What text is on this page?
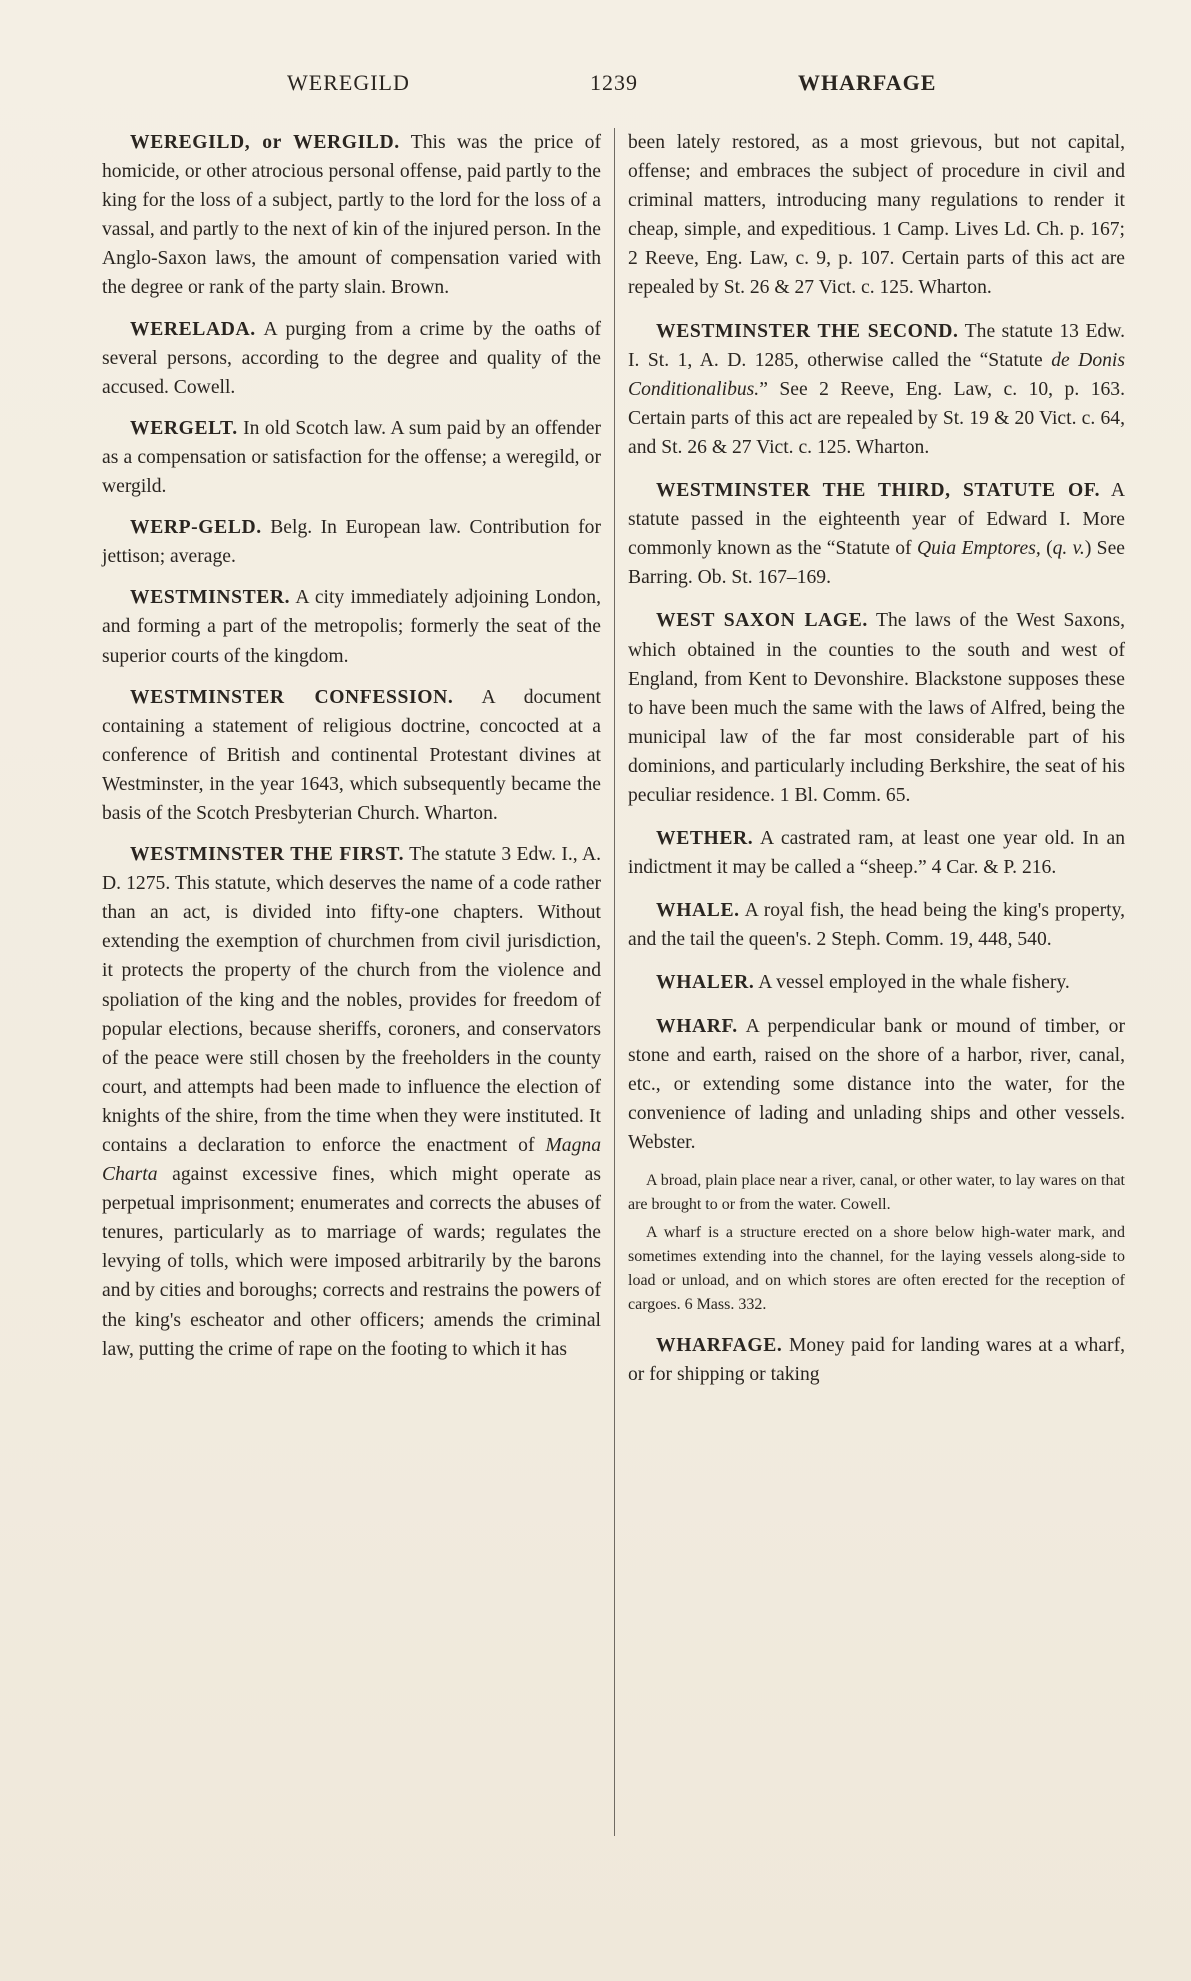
WEREGILD	1239	WHARFAGE

WEREGILD, or WERGILD. This was the price of homicide, or other atrocious personal offense, paid partly to the king for the loss of a subject, partly to the lord for the loss of a vassal, and partly to the next of kin of the injured person. In the Anglo-Saxon laws, the amount of compensation varied with the degree or rank of the party slain. Brown.

WERELADA. A purging from a crime by the oaths of several persons, according to the degree and quality of the accused. Cowell.

WERGELT. In old Scotch law. A sum paid by an offender as a compensation or satisfaction for the offense; a weregild, or wergild.

WERP-GELD. Belg. In European law. Contribution for jettison; average.

WESTMINSTER. A city immediately adjoining London, and forming a part of the metropolis; formerly the seat of the superior courts of the kingdom.

WESTMINSTER CONFESSION. A document containing a statement of religious doctrine, concocted at a conference of British and continental Protestant divines at Westminster, in the year 1643, which subsequently became the basis of the Scotch Presbyterian Church. Wharton.

WESTMINSTER THE FIRST. The statute 3 Edw. I., A. D. 1275. This statute, which deserves the name of a code rather than an act, is divided into fifty-one chapters. Without extending the exemption of churchmen from civil jurisdiction, it protects the property of the church from the violence and spoliation of the king and the nobles, provides for freedom of popular elections, because sheriffs, coroners, and conservators of the peace were still chosen by the freeholders in the county court, and attempts had been made to influence the election of knights of the shire, from the time when they were instituted. It contains a declaration to enforce the enactment of Magna Charta against excessive fines, which might operate as perpetual imprisonment; enumerates and corrects the abuses of tenures, particularly as to marriage of wards; regulates the levying of tolls, which were imposed arbitrarily by the barons and by cities and boroughs; corrects and restrains the powers of the king's escheator and other officers; amends the criminal law, putting the crime of rape on the footing to which it has

been lately restored, as a most grievous, but not capital, offense; and embraces the subject of procedure in civil and criminal matters, introducing many regulations to render it cheap, simple, and expeditious. 1 Camp. Lives Ld. Ch. p. 167; 2 Reeve, Eng. Law, c. 9, p. 107. Certain parts of this act are repealed by St. 26 & 27 Vict. c. 125. Wharton.

WESTMINSTER THE SECOND. The statute 13 Edw. I. St. 1, A. D. 1285, otherwise called the “Statute de Donis Conditionalibus.” See 2 Reeve, Eng. Law, c. 10, p. 163. Certain parts of this act are repealed by St. 19 & 20 Vict. c. 64, and St. 26 & 27 Vict. c. 125. Wharton.

WESTMINSTER THE THIRD, STATUTE OF. A statute passed in the eighteenth year of Edward I. More commonly known as the “Statute of Quia Emptores, (q. v.) See Barring. Ob. St. 167–169.

WEST SAXON LAGE. The laws of the West Saxons, which obtained in the counties to the south and west of England, from Kent to Devonshire. Blackstone supposes these to have been much the same with the laws of Alfred, being the municipal law of the far most considerable part of his dominions, and particularly including Berkshire, the seat of his peculiar residence. 1 Bl. Comm. 65.

WETHER. A castrated ram, at least one year old. In an indictment it may be called a “sheep.” 4 Car. & P. 216.

WHALE. A royal fish, the head being the king's property, and the tail the queen's. 2 Steph. Comm. 19, 448, 540.

WHALER. A vessel employed in the whale fishery.

WHARF. A perpendicular bank or mound of timber, or stone and earth, raised on the shore of a harbor, river, canal, etc., or extending some distance into the water, for the convenience of lading and unlading ships and other vessels. Webster.

A broad, plain place near a river, canal, or other water, to lay wares on that are brought to or from the water. Cowell.

A wharf is a structure erected on a shore below high-water mark, and sometimes extending into the channel, for the laying vessels along-side to load or unload, and on which stores are often erected for the reception of cargoes. 6 Mass. 332.

WHARFAGE. Money paid for landing wares at a wharf, or for shipping or taking
